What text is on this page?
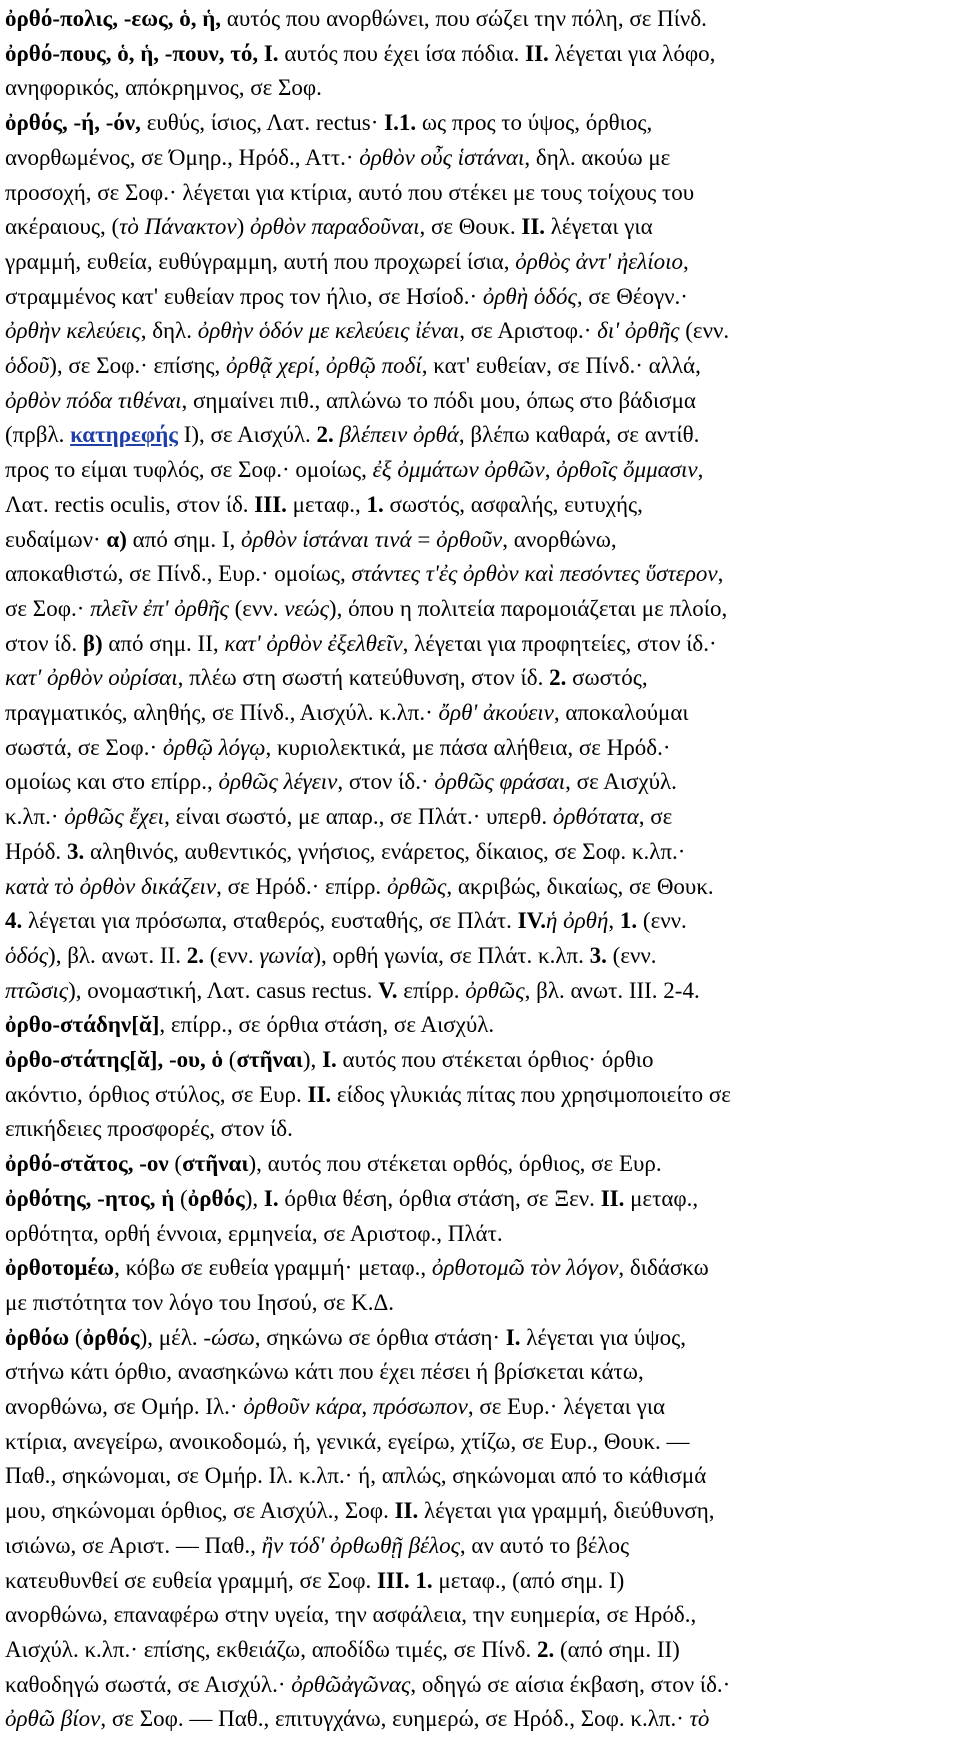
ὀρθό-πολις, -εως, ὁ, ἡ, αυτός που ανορθώνει, που σώζει την πόλη, σε Πίνδ.
ὀρθό-πους, ὁ, ἡ, -πουν, τό, I. αυτός που έχει ίσα πόδια. II. λέγεται για λόφο,
ανηφορικός, απόκρημνος, σε Σοφ.
ὀρθός, -ή, -όν, ευθύς, ίσιος, Λατ. rectus· I.1. ως προς το ύψος, όρθιος,
ανορθωμένος, σε Όμηρ., Ηρόδ., Αττ.· ὀρθὸν οὖς ἱστάναι, δηλ. ακούω με
προσοχή, σε Σοφ.· λέγεται για κτίρια, αυτό που στέκει με τους τοίχους του
ακέραιους, (τὸ Πάνακτον) ὀρθὸν παραδοῦναι, σε Θουκ. II. λέγεται για
γραμμή, ευθεία, ευθύγραμμη, αυτή που προχωρεί ίσια, ὀρθὸς ἀντ' ἠελίοιο,
στραμμένος κατ' ευθείαν προς τον ήλιο, σε Ησίοδ.· ὀρθὴ ὁδός, σε Θέογν.·
ὀρθὴν κελεύεις, δηλ. ὀρθὴν ὁδόν με κελεύεις ἰέναι, σε Αριστοφ.· δι' ὀρθῆς (ενν.
ὁδοῦ), σε Σοφ.· επίσης, ὀρθᾷ χερί, ὀρθῷ ποδί, κατ' ευθείαν, σε Πίνδ.· αλλά,
ὀρθὸν πόδα τιθέναι, σημαίνει πιθ., απλώνω το πόδι μου, όπως στο βάδισμα
(πρβλ. κατηρεφής I), σε Αισχύλ. 2. βλέπειν ὀρθά, βλέπω καθαρά, σε αντίθ.
προς το είμαι τυφλός, σε Σοφ.· ομοίως, ἐξ ὀμμάτων ὀρθῶν, ὀρθοῖς ὄμμασιν,
Λατ. rectis oculis, στον ίδ. III. μεταφ., 1. σωστός, ασφαλής, ευτυχής,
ευδαίμων· α) από σημ. I, ὀρθὸν ἱστάναι τινά = ὀρθοῦν, ανορθώνω,
αποκαθιστώ, σε Πίνδ., Ευρ.· ομοίως, στάντες τ'ἐς ὀρθὸν καὶ πεσόντες ὕστερον,
σε Σοφ.· πλεῖν ἐπ' ὀρθῆς (ενν. νεώς), όπου η πολιτεία παρομοιάζεται με πλοίο,
στον ίδ. β) από σημ. II, κατ' ὀρθὸν ἐξελθεῖν, λέγεται για προφητείες, στον ίδ.·
κατ' ὀρθὸν οὐρίσαι, πλέω στη σωστή κατεύθυνση, στον ίδ. 2. σωστός,
πραγματικός, αληθής, σε Πίνδ., Αισχύλ. κ.λπ.· ὄρθ' ἀκούειν, αποκαλούμαι
σωστά, σε Σοφ.· ὀρθῷ λόγῳ, κυριολεκτικά, με πάσα αλήθεια, σε Ηρόδ.·
ομοίως και στο επίρρ., ὀρθῶς λέγειν, στον ίδ.· ὀρθῶς φράσαι, σε Αισχύλ.
κ.λπ.· ὀρθῶς ἔχει, είναι σωστό, με απαρ., σε Πλάτ.· υπερθ. ὀρθότατα, σε
Ηρόδ. 3. αληθινός, αυθεντικός, γνήσιος, ενάρετος, δίκαιος, σε Σοφ. κ.λπ.·
κατὰ τὸ ὀρθὸν δικάζειν, σε Ηρόδ.· επίρρ. ὀρθῶς, ακριβώς, δικαίως, σε Θουκ.
4. λέγεται για πρόσωπα, σταθερός, ευσταθής, σε Πλάτ. IV.ἡ ὀρθή, 1. (ενν.
ὁδός), βλ. ανωτ. II. 2. (ενν. γωνία), ορθή γωνία, σε Πλάτ. κ.λπ. 3. (ενν.
πτῶσις), ονομαστική, Λατ. casus rectus. V. επίρρ. ὀρθῶς, βλ. ανωτ. III. 2-4.
ὀρθο-στάδην[ᾰ], επίρρ., σε όρθια στάση, σε Αισχύλ.
ὀρθο-στάτης[ᾰ], -ου, ὁ (στῆναι), I. αυτός που στέκεται όρθιος· όρθιο
ακόντιο, όρθιος στύλος, σε Ευρ. II. είδος γλυκιάς πίτας που χρησιμοποιείτο σε
επικήδειες προσφορές, στον ίδ.
ὀρθό-στᾰτος, -ον (στῆναι), αυτός που στέκεται ορθός, όρθιος, σε Ευρ.
ὀρθότης, -ητος, ἡ (ὀρθός), I. όρθια θέση, όρθια στάση, σε Ξεν. II. μεταφ.,
ορθότητα, ορθή έννοια, ερμηνεία, σε Αριστοφ., Πλάτ.
ὀρθοτομέω, κόβω σε ευθεία γραμμή· μεταφ., ὀρθοτομῶ τὸν λόγον, διδάσκω
με πιστότητα τον λόγο του Ιησού, σε Κ.Δ.
ὀρθόω (ὀρθός), μέλ. -ώσω, σηκώνω σε όρθια στάση· I. λέγεται για ύψος,
στήνω κάτι όρθιο, ανασηκώνω κάτι που έχει πέσει ή βρίσκεται κάτω,
ανορθώνω, σε Ομήρ. Ιλ.· ὀρθοῦν κάρα, πρόσωπον, σε Ευρ.· λέγεται για
κτίρια, ανεγείρω, ανοικοδομώ, ή, γενικά, εγείρω, χτίζω, σε Ευρ., Θουκ. —
Παθ., σηκώνομαι, σε Ομήρ. Ιλ. κ.λπ.· ή, απλώς, σηκώνομαι από το κάθισμά
μου, σηκώνομαι όρθιος, σε Αισχύλ., Σοφ. II. λέγεται για γραμμή, διεύθυνση,
ισιώνω, σε Αριστ. — Παθ., ἢν τόδ' ὀρθωθῇ βέλος, αν αυτό το βέλος
κατευθυνθεί σε ευθεία γραμμή, σε Σοφ. III. 1. μεταφ., (από σημ. I)
ανορθώνω, επαναφέρω στην υγεία, την ασφάλεια, την ευημερία, σε Ηρόδ.,
Αισχύλ. κ.λπ.· επίσης, εκθειάζω, αποδίδω τιμές, σε Πίνδ. 2. (από σημ. II)
καθοδηγώ σωστά, σε Αισχύλ.· ὀρθῶἀγῶνας, οδηγώ σε αίσια έκβαση, στον ίδ.·
ὀρθῶ βίον, σε Σοφ. — Παθ., επιτυγχάνω, ευημερώ, σε Ηρόδ., Σοφ. κ.λπ.· τὸ
